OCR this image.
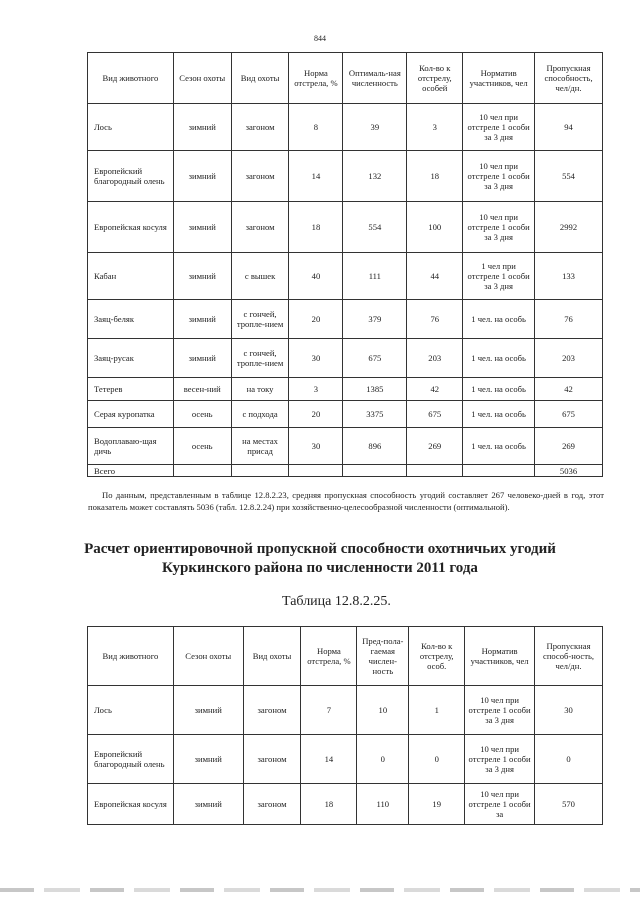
844
Вид животного	Сезон охоты	Вид охоты	Норма отстрела, %	Оптималь-ная численность	Кол-во к отстрелу, особей	Норматив участников, чел	Пропускная способность, чел/дн.
Лось	зимний	загоном	8	39	3	10 чел при отстреле 1 особи за 3 дня	94
Европейский благородный олень	зимний	загоном	14	132	18	10 чел при отстреле 1 особи за 3 дня	554
Европейская косуля	зимний	загоном	18	554	100	10 чел при отстреле 1 особи за 3 дня	2992
Кабан	зимний	с вышек	40	111	44	1 чел при отстреле 1 особи за 3 дня	133
Заяц-беляк	зимний	с гончей, тропле-нием	20	379	76	1 чел. на особь	76
Заяц-русак	зимний	с гончей, тропле-нием	30	675	203	1 чел. на особь	203
Тетерев	весен-ний	на току	3	1385	42	1 чел. на особь	42
Серая куропатка	осень	с подхода	20	3375	675	1 чел. на особь	675
Водоплаваю-щая дичь	осень	на местах присад	30	896	269	1 чел. на особь	269
Всего							5036
По данным, представленным в таблице 12.8.2.23, средняя пропускная способность угодий составляет 267 человеко-дней в год, этот показатель может составлять 5036 (табл. 12.8.2.24) при хозяйственно-целесообразной численности (оптимальной).
Расчет ориентировочной пропускной способности охотничьих угодий
Куркинского района по численности 2011 года
Таблица 12.8.2.25.
Вид животного	Сезон охоты	Вид охоты	Норма отстрела, %	Пред-пола-гаемая числен-ность	Кол-во к отстрелу, особ.	Норматив участников, чел	Пропускная способ-ность, чел/дн.
Лось	зимний	загоном	7	10	1	10 чел при отстреле 1 особи за 3 дня	30
Европейский благородный олень	зимний	загоном	14	0	0	10 чел при отстреле 1 особи за 3 дня	0
Европейская косуля	зимний	загоном	18	110	19	10 чел при отстреле 1 особи за	570
